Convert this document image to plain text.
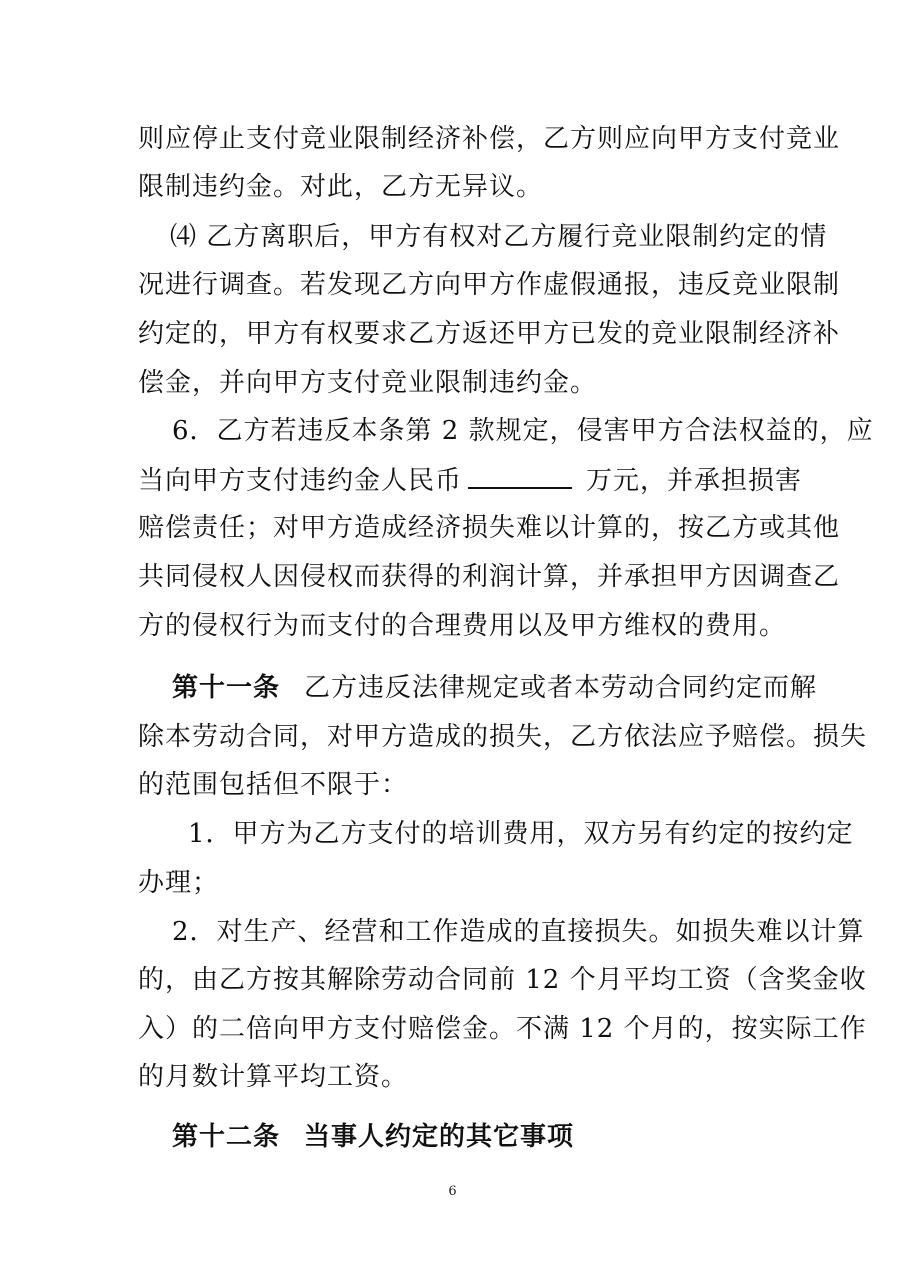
则应停止支付竞业限制经济补偿，乙方则应向甲方支付竞业
限制违约金。对此，乙方无异议。
⑷ 乙方离职后，甲方有权对乙方履行竞业限制约定的情
况进行调查。若发现乙方向甲方作虚假通报，违反竞业限制
约定的，甲方有权要求乙方返还甲方已发的竞业限制经济补
偿金，并向甲方支付竞业限制违约金。
6．乙方若违反本条第 2 款规定，侵害甲方合法权益的，应
当向甲方支付违约金人民币	万元，并承担损害
赔偿责任；对甲方造成经济损失难以计算的，按乙方或其他
共同侵权人因侵权而获得的利润计算，并承担甲方因调查乙
方的侵权行为而支付的合理费用以及甲方维权的费用。
第十一条 乙方违反法律规定或者本劳动合同约定而解
除本劳动合同，对甲方造成的损失，乙方依法应予赔偿。损失
的范围包括但不限于：
1．甲方为乙方支付的培训费用，双方另有约定的按约定
办理；
2．对生产、经营和工作造成的直接损失。如损失难以计算
的，由乙方按其解除劳动合同前 12 个月平均工资（含奖金收
入）的二倍向甲方支付赔偿金。不满 12 个月的，按实际工作
的月数计算平均工资。
第十二条 当事人约定的其它事项
6
